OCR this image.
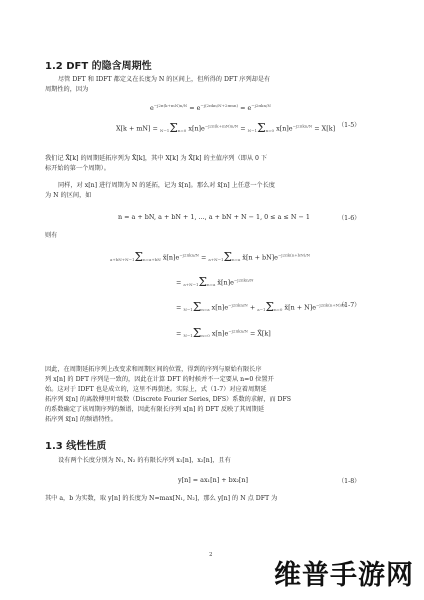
1.2 DFT 的隐含周期性
尽管 DFT 和 IDFT 都定义在长度为 N 的区间上，但所得的 DFT 序列却是有
周期性的，因为
$e^{-j2\pi(k+mN)n/N} = e^{-j(2\pi kn/N+2\pi mn)} = e^{-j2\pi kn/N}$
X[k + mN] = N−1Σn=0 $x[n]e^{-j2\pi(k+mN)n/N} = N-1\Sigma n=0$ $x[n]e^{-j2\pi kn/N} = X[k]$ （1-5）
我们记 X̃[k] 的周期延拓序列为 X̃[k]，其中 X[k] 为 X̃[k] 的主值序列（即从 0 下
标开始的第一个周期）。
同样，对 x[n] 进行周期为 N 的延拓，记为 x̃[n]。那么对 x̃[n] 上任意一个长度
为 N 的区间，如
n = a + bN, a + bN + 1, ..., a + bN + N − 1, 0 ≤ a ≤ N − 1	（1-6）
则有
a+bN+N−1Σn=a+bN $x̃[n]e^{-j2\pi kn/N} = a+N-1\Sigma n=a$ x̃[n + $bN]e^{-j2\pi k(n+bN)/N}$
= a+N−1Σn=a $x̃[n]e^{-j2\pi kn/N}$
= N−1Σn=a $x[n]e^{-j2\pi kn/N} + a-1\Sigma n=0$ x̃[n + $N]e^{-j2\pi k(n+N)/N}$
= N−1Σn=0 $x[n]e^{-j2\pi kn/N}$ = X̃[k]
（1-7）
因此，在周期延拓序列上改变求和周期区间的位置，得到的序列与原始有限长序
列 x[n] 的 DFT 序列是一致的，因此在计算 DFT 的时候并不一定要从 n=0 位置开
始。这对于 IDFT 也是成立的，这里不再赘述。实际上，式（1-7）对应着周期延
拓序列 x̃[n] 的离散傅里叶级数（Discrete Fourier Series, DFS）系数的求解，而 DFS
的系数确定了该周期序列的频谱，因此有限长序列 x[n] 的 DFT 反映了其周期延
拓序列 x̃[n] 的频谱特性。
1.3 线性性质
设有两个长度分别为 N₁, N₂ 的有限长序列 x₁[n]，x₂[n]，且有
y[n] = ax₁[n] + bx₂[n]	（1-8）
其中 a，b 为实数，取 y[n] 的长度为 N=max[N₁, N₂]，那么 y[n] 的 N 点 DFT 为
2
维普手游网
